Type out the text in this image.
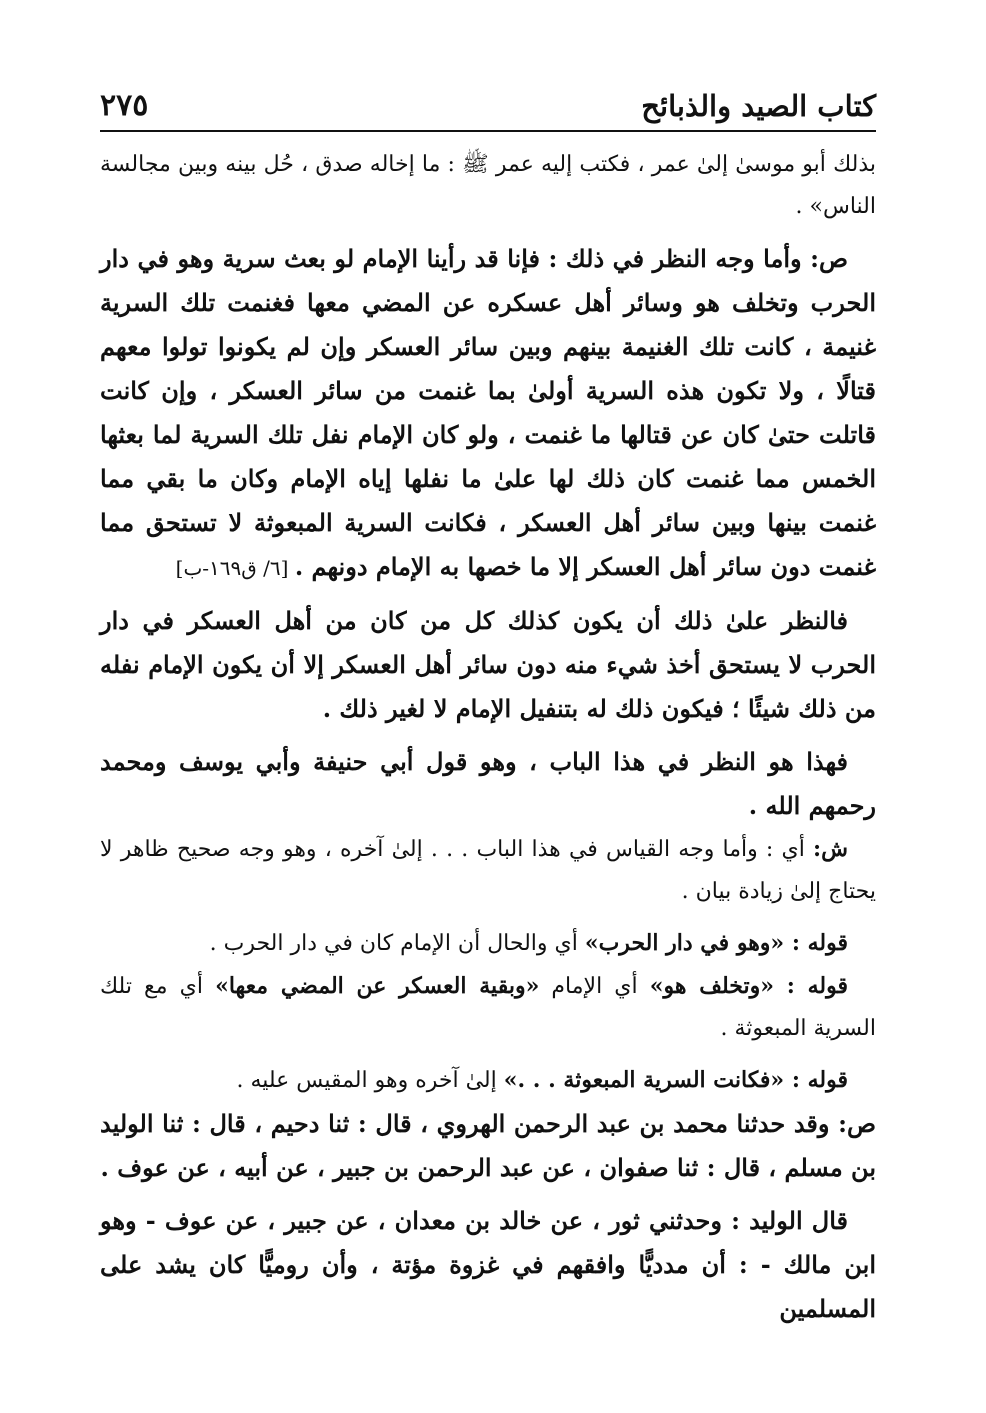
كتاب الصيد والذبائح
٢٧٥

بذلك أبو موسىٰ إلىٰ عمر ، فكتب إليه عمر ﷺ : ما إخاله صدق ، حُل بينه وبين مجالسة الناس» .

ص: وأما وجه النظر في ذلك : فإنا قد رأينا الإمام لو بعث سرية وهو في دار الحرب وتخلف هو وسائر أهل عسكره عن المضي معها فغنمت تلك السرية غنيمة ، كانت تلك الغنيمة بينهم وبين سائر العسكر وإن لم يكونوا تولوا معهم قتالًا ، ولا تكون هذه السرية أولىٰ بما غنمت من سائر العسكر ، وإن كانت قاتلت حتىٰ كان عن قتالها ما غنمت ، ولو كان الإمام نفل تلك السرية لما بعثها الخمس مما غنمت كان ذلك لها علىٰ ما نفلها إياه الإمام وكان ما بقي مما غنمت بينها وبين سائر أهل العسكر ، فكانت السرية المبعوثة لا تستحق مما غنمت دون سائر أهل العسكر إلا ما خصها به الإمام دونهم . [٦/ ق١٦٩-ب]

فالنظر علىٰ ذلك أن يكون كذلك كل من كان من أهل العسكر في دار الحرب لا يستحق أخذ شيء منه دون سائر أهل العسكر إلا أن يكون الإمام نفله من ذلك شيئًا ؛ فيكون ذلك له بتنفيل الإمام لا لغير ذلك .

فهذا هو النظر في هذا الباب ، وهو قول أبي حنيفة وأبي يوسف ومحمد رحمهم الله .

ش: أي : وأما وجه القياس في هذا الباب . . . إلىٰ آخره ، وهو وجه صحيح ظاهر لا يحتاج إلىٰ زيادة بيان .

قوله : «وهو في دار الحرب» أي والحال أن الإمام كان في دار الحرب .

قوله : «وتخلف هو» أي الإمام «وبقية العسكر عن المضي معها» أي مع تلك السرية المبعوثة .

قوله : «فكانت السرية المبعوثة . . .» إلىٰ آخره وهو المقيس عليه .

ص: وقد حدثنا محمد بن عبد الرحمن الهروي ، قال : ثنا دحيم ، قال : ثنا الوليد بن مسلم ، قال : ثنا صفوان ، عن عبد الرحمن بن جبير ، عن أبيه ، عن عوف .

قال الوليد : وحدثني ثور ، عن خالد بن معدان ، عن جبير ، عن عوف - وهو ابن مالك - : أن مدديًّا وافقهم في غزوة مؤتة ، وأن روميًّا كان يشد على المسلمين
